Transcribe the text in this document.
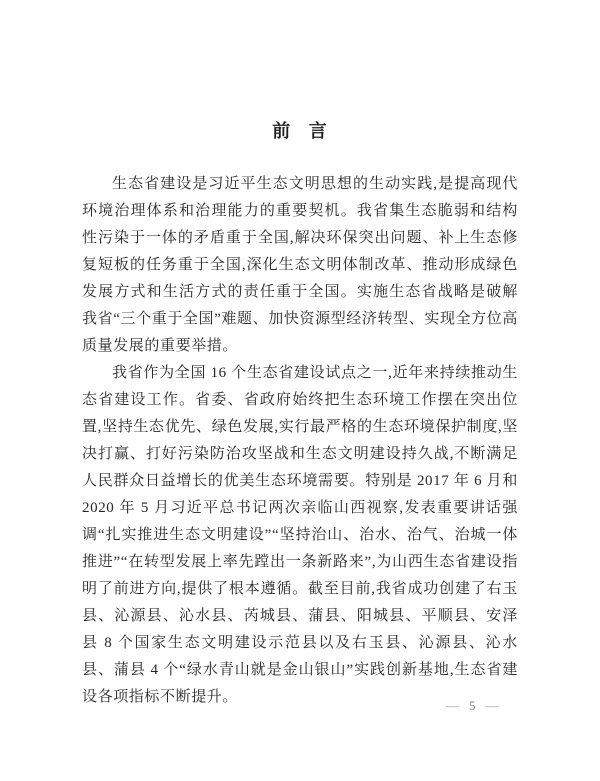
前 言

生态省建设是习近平生态文明思想的生动实践,是提高现代环境治理体系和治理能力的重要契机。我省集生态脆弱和结构性污染于一体的矛盾重于全国,解决环保突出问题、补上生态修复短板的任务重于全国,深化生态文明体制改革、推动形成绿色发展方式和生活方式的责任重于全国。实施生态省战略是破解我省“三个重于全国”难题、加快资源型经济转型、实现全方位高质量发展的重要举措。

我省作为全国 16 个生态省建设试点之一,近年来持续推动生态省建设工作。省委、省政府始终把生态环境工作摆在突出位置,坚持生态优先、绿色发展,实行最严格的生态环境保护制度,坚决打赢、打好污染防治攻坚战和生态文明建设持久战,不断满足人民群众日益增长的优美生态环境需要。特别是 2017 年 6 月和 2020 年 5 月习近平总书记两次亲临山西视察,发表重要讲话强调“扎实推进生态文明建设”“坚持治山、治水、治气、治城一体推进”“在转型发展上率先蹚出一条新路来”,为山西生态省建设指明了前进方向,提供了根本遵循。截至目前,我省成功创建了右玉县、沁源县、沁水县、芮城县、蒲县、阳城县、平顺县、安泽县 8 个国家生态文明建设示范县以及右玉县、沁源县、沁水县、蒲县 4 个“绿水青山就是金山银山”实践创新基地,生态省建设各项指标不断提升。

— 5 —
